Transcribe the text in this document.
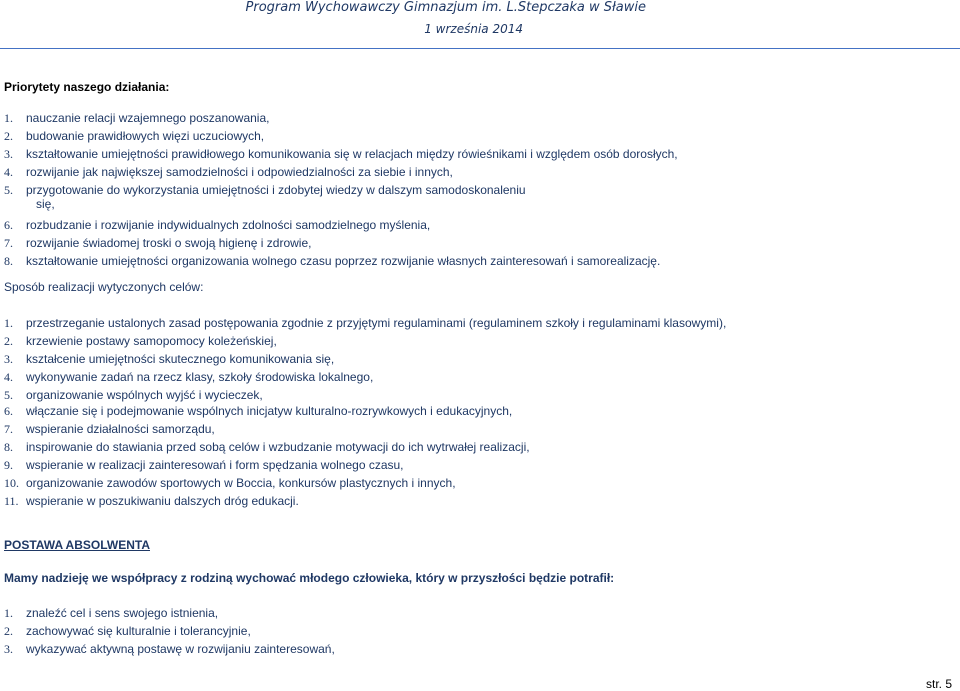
Program Wychowawczy Gimnazjum im. L.Stepczaka w Sławie
1 września 2014
Priorytety naszego działania:
1. nauczanie relacji wzajemnego poszanowania,
2. budowanie prawidłowych więzi uczuciowych,
3. kształtowanie umiejętności prawidłowego komunikowania się w relacjach między rówieśnikami i względem osób dorosłych,
4. rozwijanie jak największej samodzielności i odpowiedzialności za siebie i innych,
5. przygotowanie do wykorzystania umiejętności i zdobytej wiedzy w dalszym samodoskonaleniu
się,
6. rozbudzanie i rozwijanie indywidualnych zdolności samodzielnego myślenia,
7. rozwijanie świadomej troski o swoją higienę i zdrowie,
8. kształtowanie umiejętności organizowania wolnego czasu poprzez rozwijanie własnych zainteresowań i samorealizację.
Sposób realizacji wytyczonych celów:
1. przestrzeganie ustalonych zasad postępowania zgodnie z przyjętymi regulaminami (regulaminem szkoły i regulaminami klasowymi),
2. krzewienie postawy samopomocy koleżeńskiej,
3. kształcenie umiejętności skutecznego komunikowania się,
4. wykonywanie zadań na rzecz klasy, szkoły środowiska lokalnego,
5. organizowanie wspólnych wyjść i wycieczek,
6. włączanie się i podejmowanie wspólnych inicjatyw kulturalno-rozrywkowych i edukacyjnych,
7. wspieranie działalności samorządu,
8. inspirowanie do stawiania przed sobą celów i wzbudzanie motywacji do ich wytrwałej realizacji,
9. wspieranie w realizacji zainteresowań i form spędzania wolnego czasu,
10. organizowanie zawodów sportowych w Boccia, konkursów plastycznych i innych,
11. wspieranie w poszukiwaniu dalszych dróg edukacji.
POSTAWA ABSOLWENTA
Mamy nadzieję we współpracy z rodziną wychować młodego człowieka, który w przyszłości będzie potrafił:
1. znaleźć cel i sens swojego istnienia,
2. zachowywać się kulturalnie i tolerancyjnie,
3. wykazywać aktywną postawę w rozwijaniu zainteresowań,
str. 5
